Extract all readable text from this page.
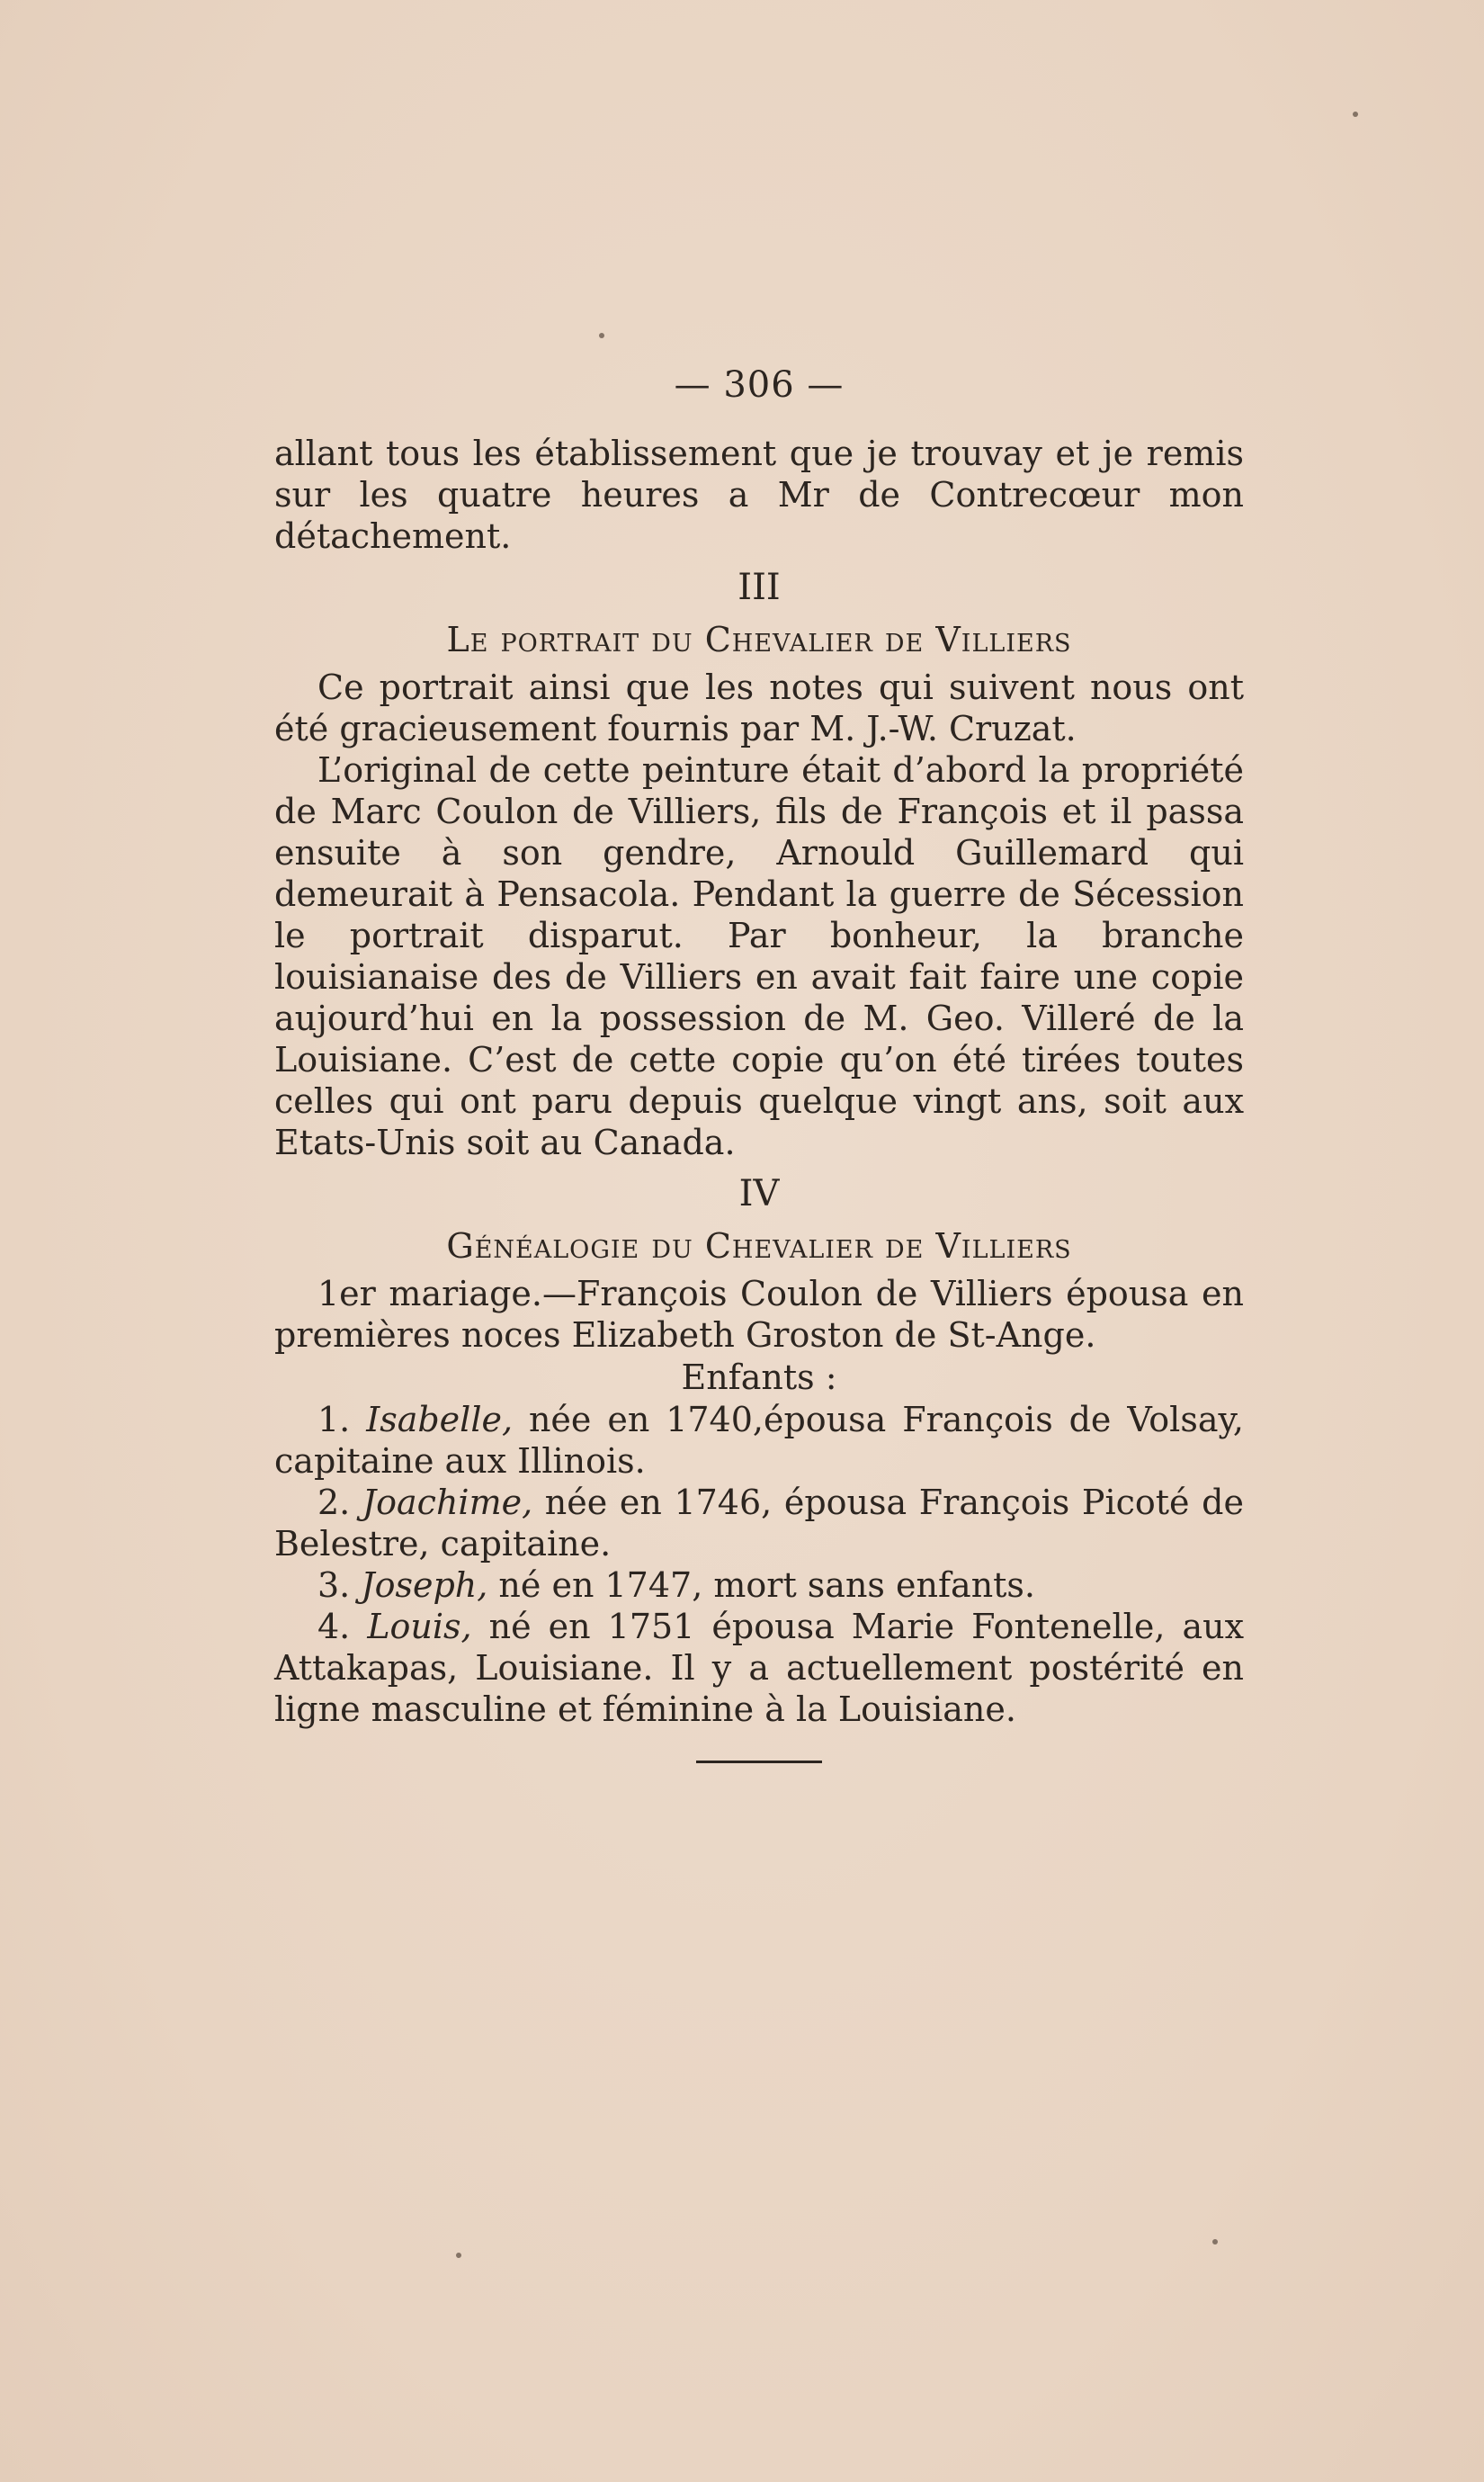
— 306 —

allant tous les établissement que je trouvay et je remis sur les quatre heures a Mr de Contrecœur mon détachement.

III
Le portrait du Chevalier de Villiers

Ce portrait ainsi que les notes qui suivent nous ont été gracieusement fournis par M. J.-W. Cruzat.

L’original de cette peinture était d’abord la propriété de Marc Coulon de Villiers, fils de François et il passa ensuite à son gendre, Arnould Guillemard qui demeurait à Pensacola. Pendant la guerre de Sécession le portrait disparut. Par bonheur, la branche louisianaise des de Villiers en avait fait faire une copie aujourd’hui en la possession de M. Geo. Villeré de la Louisiane. C’est de cette copie qu’on été tirées toutes celles qui ont paru depuis quelque vingt ans, soit aux Etats-Unis soit au Canada.

IV
Généalogie du Chevalier de Villiers

1er mariage.—François Coulon de Villiers épousa en premières noces Elizabeth Groston de St-Ange.

Enfants :

1. Isabelle, née en 1740,épousa François de Volsay, capitaine aux Illinois.

2. Joachime, née en 1746, épousa François Picoté de Belestre, capitaine.

3. Joseph, né en 1747, mort sans enfants.

4. Louis, né en 1751 épousa Marie Fontenelle, aux Attakapas, Louisiane. Il y a actuellement postérité en ligne masculine et féminine à la Louisiane.
